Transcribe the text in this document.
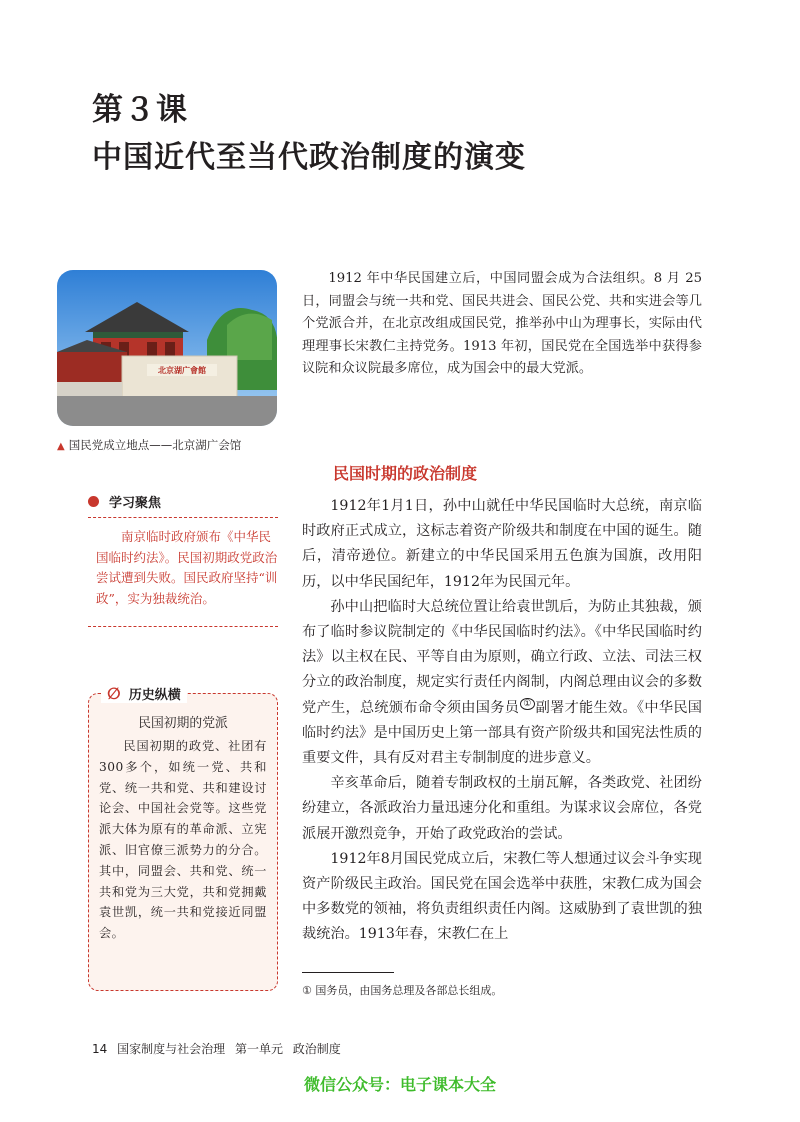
第３课
中国近代至当代政治制度的演变
北京湖广會館
▲ 国民党成立地点——北京湖广会馆

1912 年中华民国建立后，中国同盟会成为合法组织。8 月 25 日，同盟会与统一共和党、国民共进会、国民公党、共和实进会等几个党派合并，在北京改组成国民党，推举孙中山为理事长，实际由代理理事长宋教仁主持党务。1913 年初，国民党在全国选举中获得参议院和众议院最多席位，成为国会中的最大党派。

民国时期的政治制度

1912年1月1日，孙中山就任中华民国临时大总统，南京临时政府正式成立，这标志着资产阶级共和制度在中国的诞生。随后，清帝逊位。新建立的中华民国采用五色旗为国旗，改用阳历，以中华民国纪年，1912年为民国元年。

孙中山把临时大总统位置让给袁世凯后，为防止其独裁，颁布了临时参议院制定的《中华民国临时约法》。《中华民国临时约法》以主权在民、平等自由为原则，确立行政、立法、司法三权分立的政治制度，规定实行责任内阁制，内阁总理由议会的多数党产生，总统颁布命令须由国务员 ① 副署才能生效。《中华民国临时约法》是中国历史上第一部具有资产阶级共和国宪法性质的重要文件，具有反对君主专制制度的进步意义。

辛亥革命后，随着专制政权的土崩瓦解，各类政党、社团纷纷建立，各派政治力量迅速分化和重组。为谋求议会席位，各党派展开激烈竞争，开始了政党政治的尝试。

1912年8月国民党成立后，宋教仁等人想通过议会斗争实现资产阶级民主政治。国民党在国会选举中获胜，宋教仁成为国会中多数党的领袖，将负责组织责任内阁。这威胁到了袁世凯的独裁统治。1913年春，宋教仁在上

学习聚焦
南京临时政府颁布《中华民国临时约法》。民国初期政党政治尝试遭到失败。国民政府坚持“训政”，实为独裁统治。
∅ 历史纵横
民国初期的党派
民国初期的政党、社团有300多个，如统一党、共和党、统一共和党、共和建设讨论会、中国社会党等。这些党派大体为原有的革命派、立宪派、旧官僚三派势力的分合。其中，同盟会、共和党、统一共和党为三大党，共和党拥戴袁世凯，统一共和党接近同盟会。
① 国务员，由国务总理及各部总长组成。
14 国家制度与社会治理 第一单元 政治制度
微信公众号：电子课本大全
